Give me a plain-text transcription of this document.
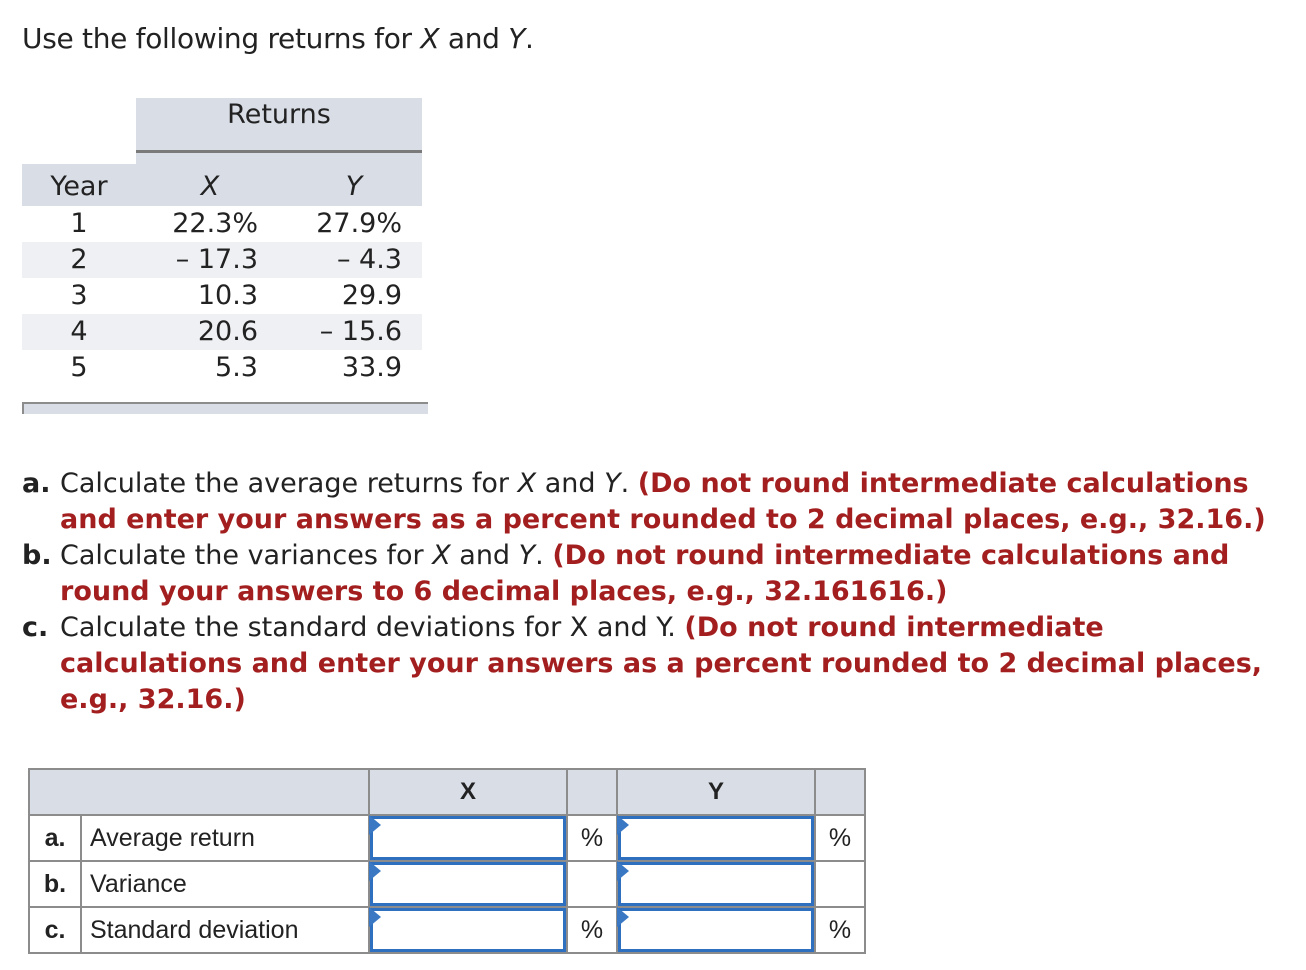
Use the following returns for X and Y.
Returns
Year	X	Y
1	22.3%	27.9%
2	– 17.3	– 4.3
3	10.3	29.9
4	20.6	– 15.6
5	5.3	33.9
a. Calculate the average returns for X and Y. (Do not round intermediate calculations and enter your answers as a percent rounded to 2 decimal places, e.g., 32.16.)
b. Calculate the variances for X and Y. (Do not round intermediate calculations and round your answers to 6 decimal places, e.g., 32.161616.)
c. Calculate the standard deviations for X and Y. (Do not round intermediate calculations and enter your answers as a percent rounded to 2 decimal places, e.g., 32.16.)
		X		Y	
a.	Average return		%		%
b.	Variance	

c.	Standard deviation		%		%
